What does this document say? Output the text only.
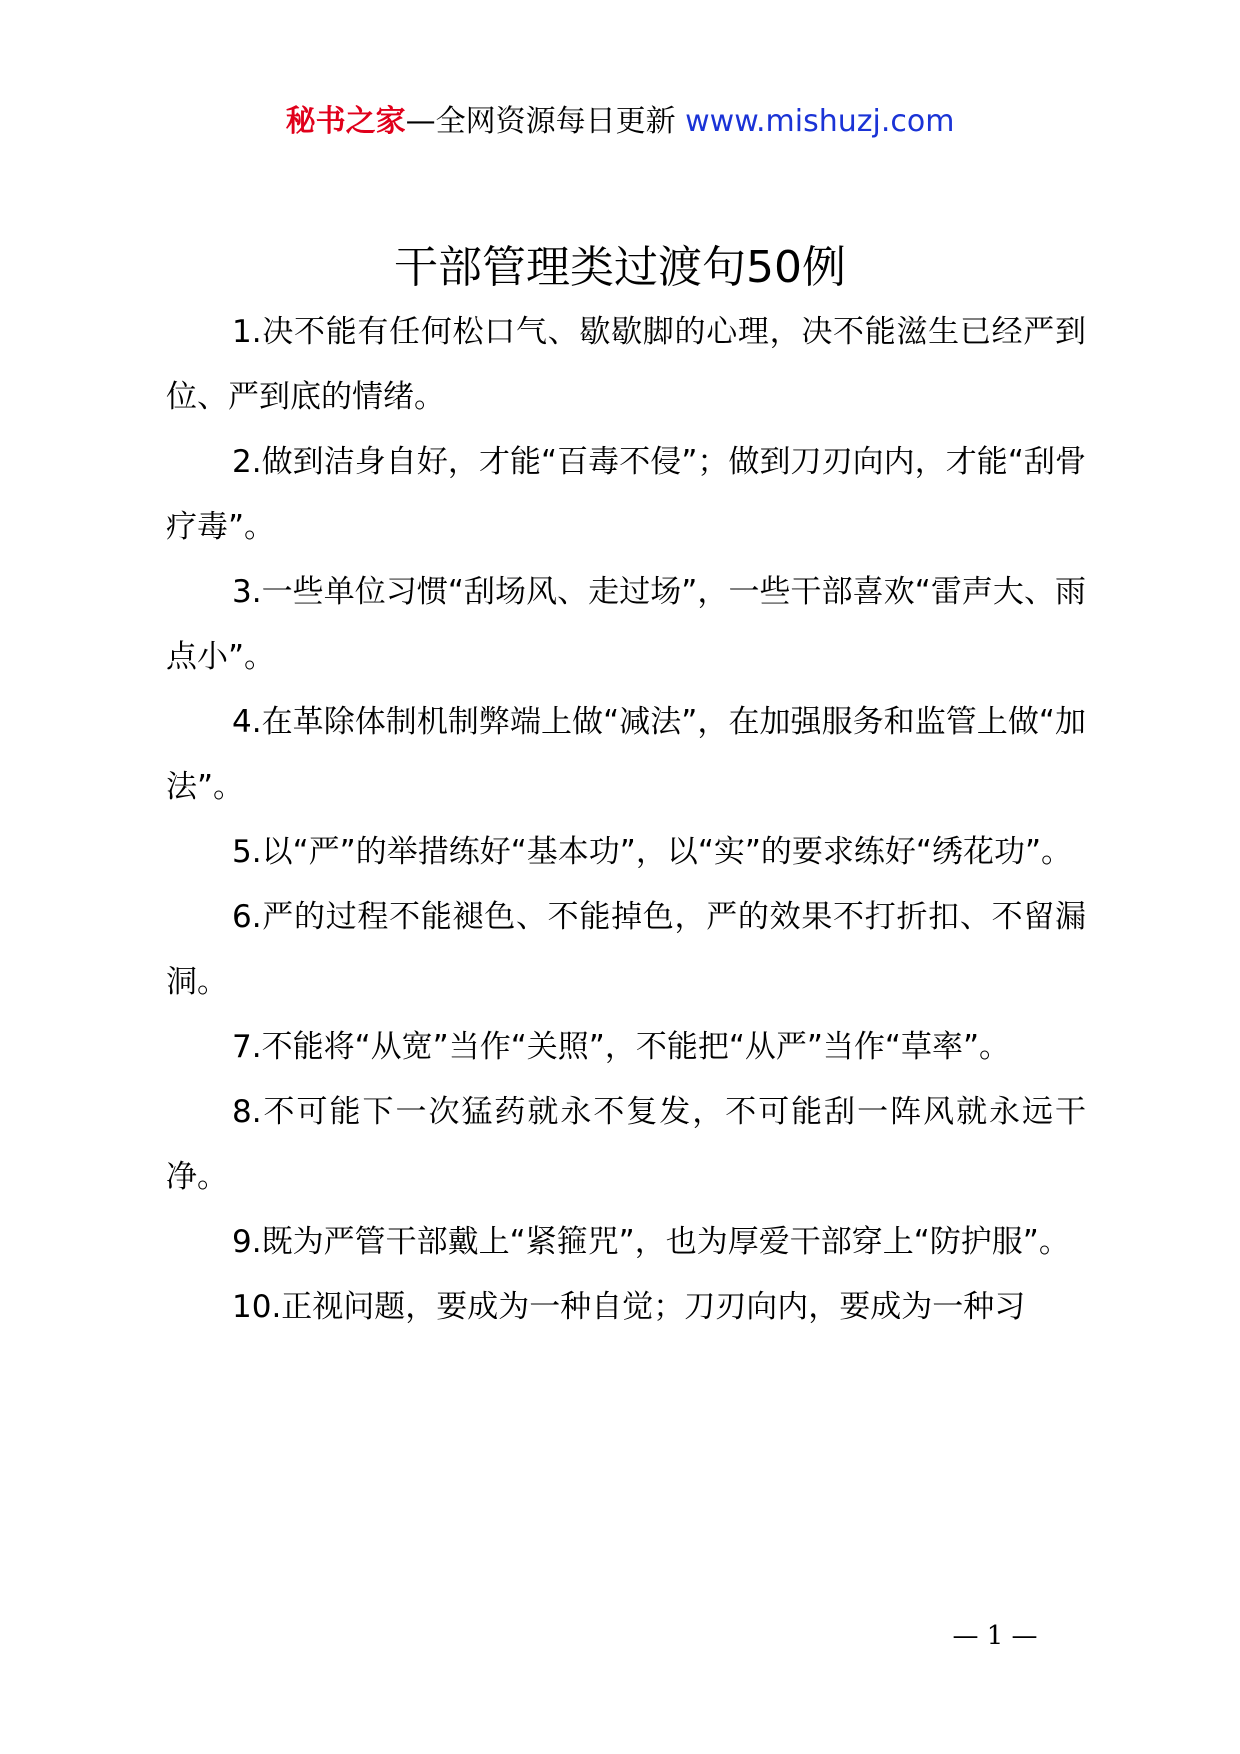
秘书之家—全网资源每日更新 www.mishuzj.com
干部管理类过渡句50例

1.决不能有任何松口气、歇歇脚的心理，决不能滋生已经严到位、严到底的情绪。

2.做到洁身自好，才能“百毒不侵”；做到刀刃向内，才能“刮骨疗毒”。

3.一些单位习惯“刮场风、走过场”，一些干部喜欢“雷声大、雨点小”。

4.在革除体制机制弊端上做“减法”，在加强服务和监管上做“加法”。

5.以“严”的举措练好“基本功”，以“实”的要求练好“绣花功”。

6.严的过程不能褪色、不能掉色，严的效果不打折扣、不留漏洞。

7.不能将“从宽”当作“关照”，不能把“从严”当作“草率”。

8.不可能下一次猛药就永不复发，不可能刮一阵风就永远干净。

9.既为严管干部戴上“紧箍咒”，也为厚爱干部穿上“防护服”。

10.正视问题，要成为一种自觉；刀刃向内，要成为一种习

— 1 —
